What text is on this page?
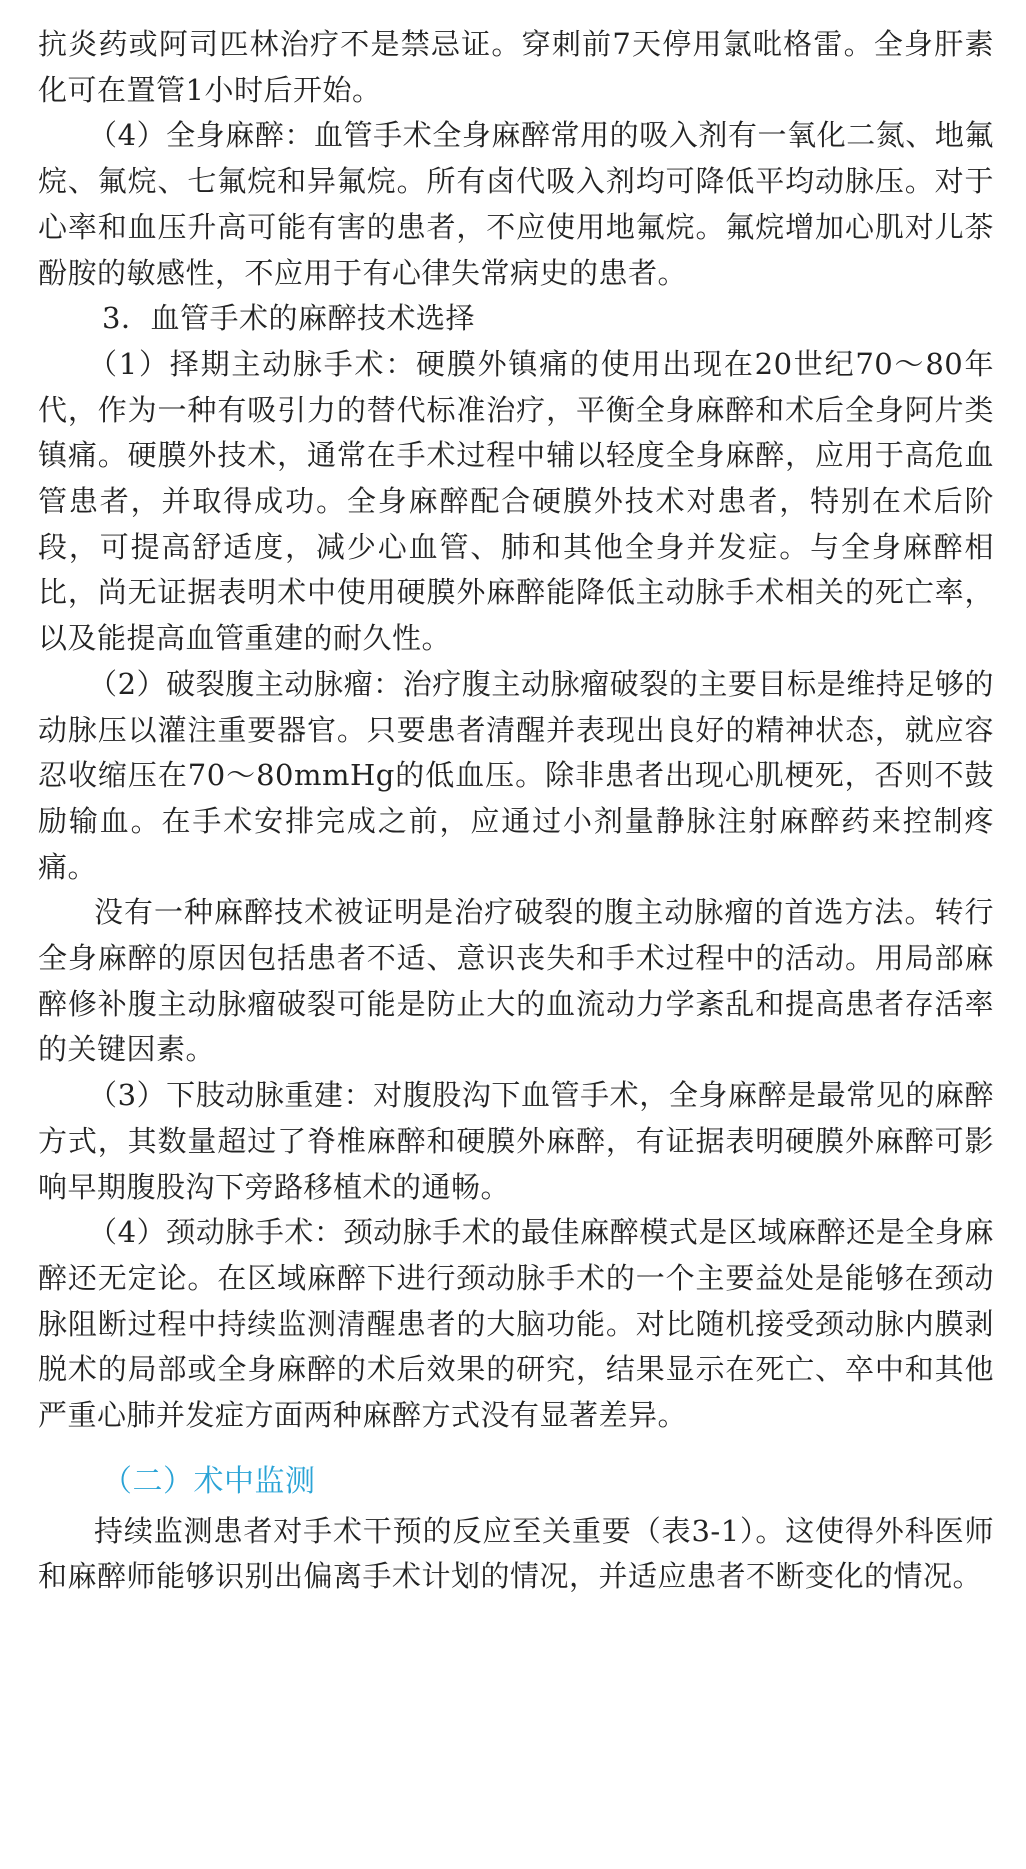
抗炎药或阿司匹林治疗不是禁忌证。穿刺前7天停用氯吡格雷。全身肝素化可在置管1小时后开始。

（4）全身麻醉：血管手术全身麻醉常用的吸入剂有一氧化二氮、地氟烷、氟烷、七氟烷和异氟烷。所有卤代吸入剂均可降低平均动脉压。对于心率和血压升高可能有害的患者，不应使用地氟烷。氟烷增加心肌对儿茶酚胺的敏感性，不应用于有心律失常病史的患者。

3．血管手术的麻醉技术选择

（1）择期主动脉手术：硬膜外镇痛的使用出现在20世纪70～80年代，作为一种有吸引力的替代标准治疗，平衡全身麻醉和术后全身阿片类镇痛。硬膜外技术，通常在手术过程中辅以轻度全身麻醉，应用于高危血管患者，并取得成功。全身麻醉配合硬膜外技术对患者，特别在术后阶段，可提高舒适度，减少心血管、肺和其他全身并发症。与全身麻醉相比，尚无证据表明术中使用硬膜外麻醉能降低主动脉手术相关的死亡率，以及能提高血管重建的耐久性。

（2）破裂腹主动脉瘤：治疗腹主动脉瘤破裂的主要目标是维持足够的动脉压以灌注重要器官。只要患者清醒并表现出良好的精神状态，就应容忍收缩压在70～80mmHg的低血压。除非患者出现心肌梗死，否则不鼓励输血。在手术安排完成之前，应通过小剂量静脉注射麻醉药来控制疼痛。

没有一种麻醉技术被证明是治疗破裂的腹主动脉瘤的首选方法。转行全身麻醉的原因包括患者不适、意识丧失和手术过程中的活动。用局部麻醉修补腹主动脉瘤破裂可能是防止大的血流动力学紊乱和提高患者存活率的关键因素。

（3）下肢动脉重建：对腹股沟下血管手术，全身麻醉是最常见的麻醉方式，其数量超过了脊椎麻醉和硬膜外麻醉，有证据表明硬膜外麻醉可影响早期腹股沟下旁路移植术的通畅。

（4）颈动脉手术：颈动脉手术的最佳麻醉模式是区域麻醉还是全身麻醉还无定论。在区域麻醉下进行颈动脉手术的一个主要益处是能够在颈动脉阻断过程中持续监测清醒患者的大脑功能。对比随机接受颈动脉内膜剥脱术的局部或全身麻醉的术后效果的研究，结果显示在死亡、卒中和其他严重心肺并发症方面两种麻醉方式没有显著差异。

（二）术中监测

持续监测患者对手术干预的反应至关重要（表3-1）。这使得外科医师和麻醉师能够识别出偏离手术计划的情况，并适应患者不断变化的情况。
